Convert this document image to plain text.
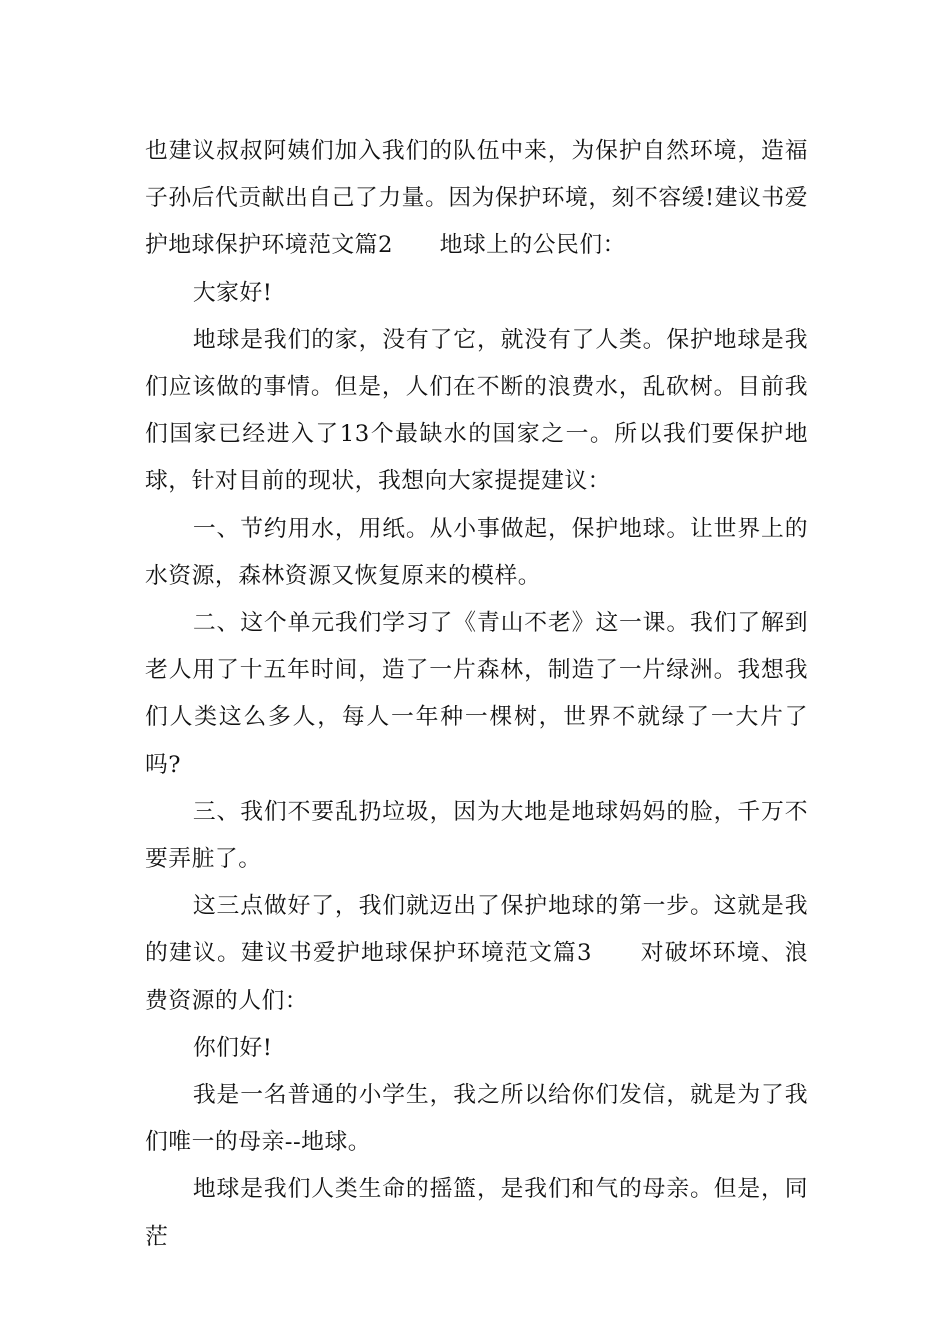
也建议叔叔阿姨们加入我们的队伍中来，为保护自然环境，造福子孙后代贡献出自己了力量。因为保护环境，刻不容缓!建议书爱护地球保护环境范文篇2　　地球上的公民们：

大家好!

地球是我们的家，没有了它，就没有了人类。保护地球是我们应该做的事情。但是，人们在不断的浪费水，乱砍树。目前我们国家已经进入了13个最缺水的国家之一。所以我们要保护地球，针对目前的现状，我想向大家提提建议：

一、节约用水，用纸。从小事做起，保护地球。让世界上的水资源，森林资源又恢复原来的模样。

二、这个单元我们学习了《青山不老》这一课。我们了解到老人用了十五年时间，造了一片森林，制造了一片绿洲。我想我们人类这么多人，每人一年种一棵树，世界不就绿了一大片了吗?

三、我们不要乱扔垃圾，因为大地是地球妈妈的脸，千万不要弄脏了。

这三点做好了，我们就迈出了保护地球的第一步。这就是我的建议。建议书爱护地球保护环境范文篇3　　对破坏环境、浪费资源的人们：

你们好!

我是一名普通的小学生，我之所以给你们发信，就是为了我们唯一的母亲--地球。

地球是我们人类生命的摇篮，是我们和气的母亲。但是，同茫
